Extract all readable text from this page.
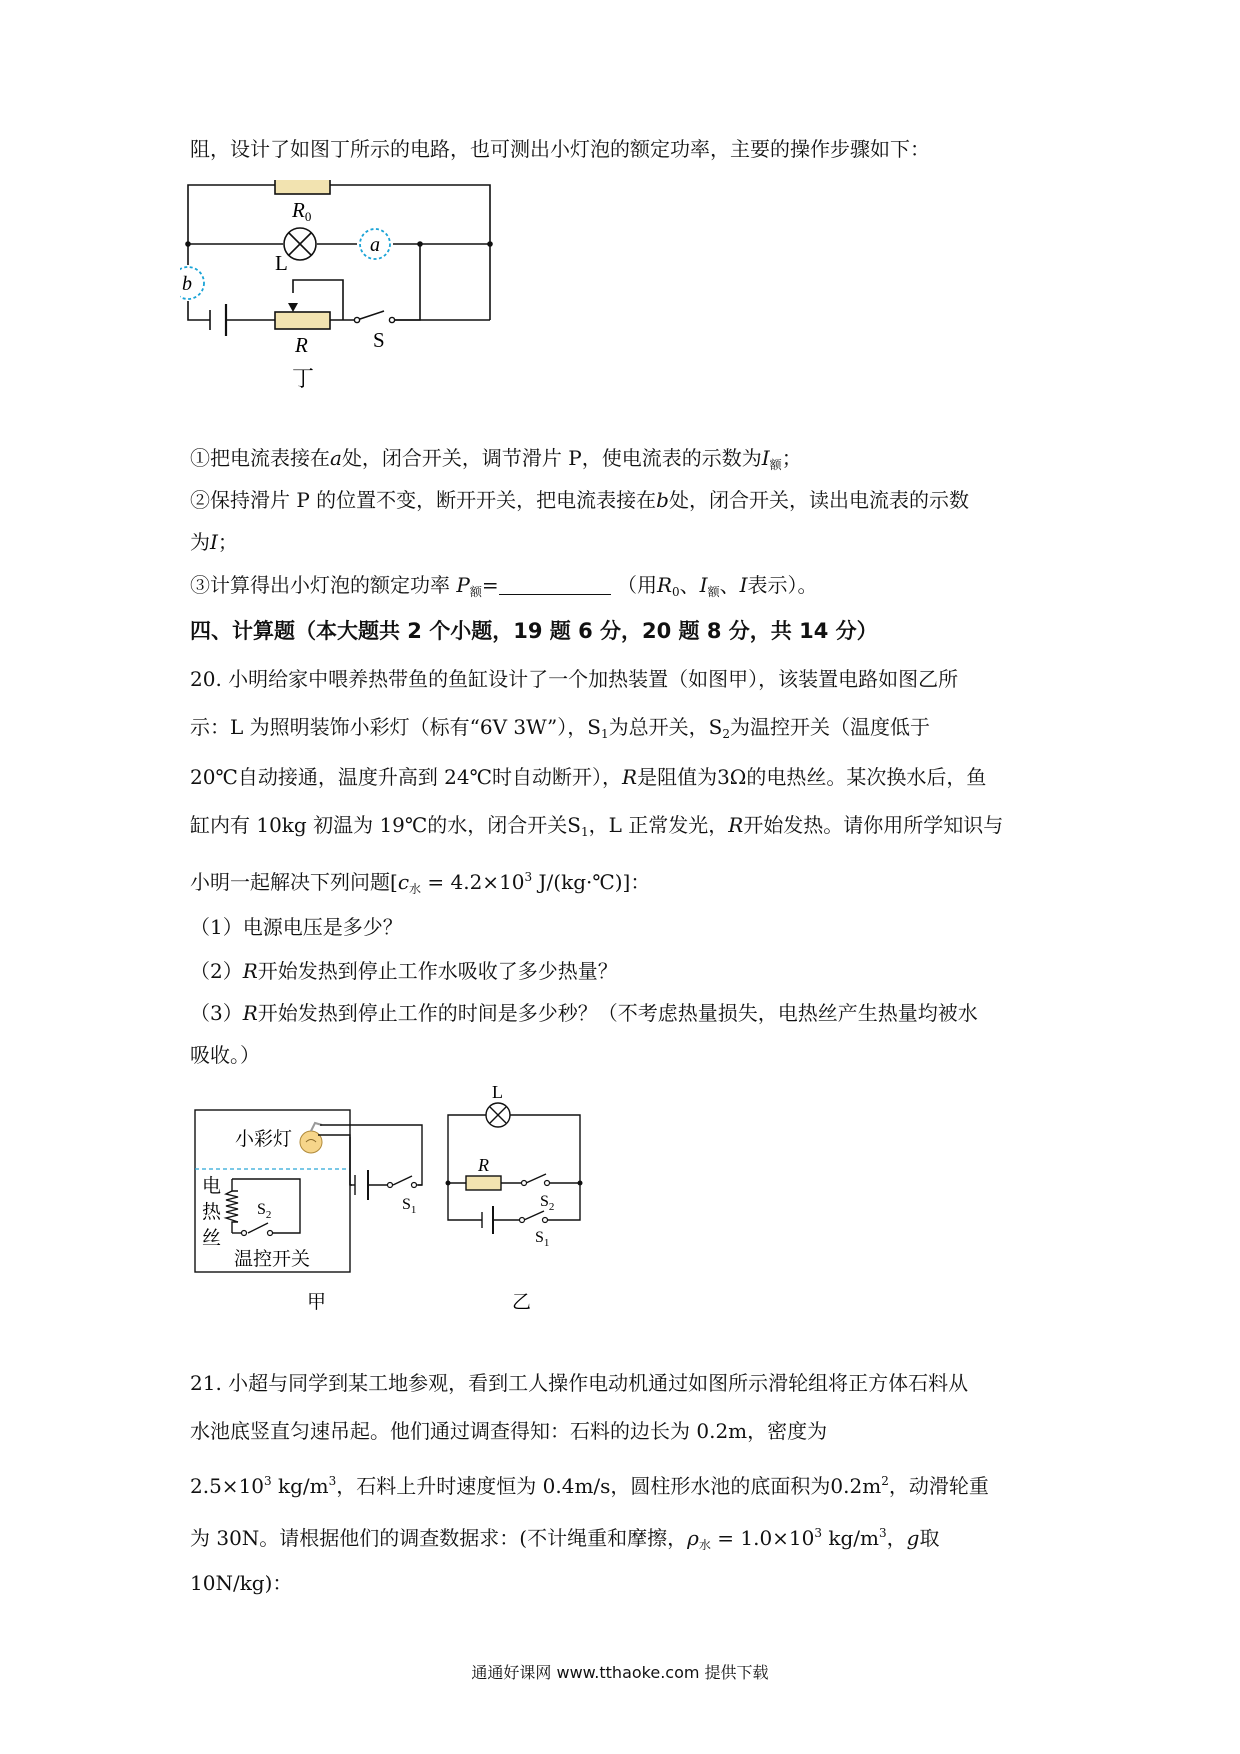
阻，设计了如图丁所示的电路，也可测出小灯泡的额定功率，主要的操作步骤如下：
R0
L
a
b
R	S
丁
①把电流表接在a处，闭合开关，调节滑片 P，使电流表的示数为$I_额$；
②保持滑片 P 的位置不变，断开开关，把电流表接在b处，闭合开关，读出电流表的示数
为I；
③计算得出小灯泡的额定功率 $P_额=$	（用$R_0$、$I_额$、I表示）。
四、计算题（本大题共 2 个小题，19 题 6 分，20 题 8 分，共 14 分）
20. 小明给家中喂养热带鱼的鱼缸设计了一个加热装置（如图甲），该装置电路如图乙所
示：L 为照明装饰小彩灯（标有“6V 3W”），$S_1$为总开关，$S_2$为温控开关（温度低于
20℃自动接通，温度升高到 24℃时自动断开），R是阻值为3Ω的电热丝。某次换水后，鱼
缸内有 10kg 初温为 19℃的水，闭合开关$S_1$，L 正常发光，R开始发热。请你用所学知识与
小明一起解决下列问题[$c_水 = 4.2\times 10^3$ J/(kg·℃)]：
（1）电源电压是多少？
（2）R开始发热到停止工作水吸收了多少热量？
（3）R开始发热到停止工作的时间是多少秒？（不考虑热量损失，电热丝产生热量均被水
吸收。）
小彩灯
电
热
丝
$S_2$
温控开关
$S_1$
甲
L
R
$S_2$
$S_1$
乙
21. 小超与同学到某工地参观，看到工人操作电动机通过如图所示滑轮组将正方体石料从
水池底竖直匀速吊起。他们通过调查得知：石料的边长为 0.2m，密度为
$2.5\times 10^3$ $kg/m^3$，石料上升时速度恒为 0.4m/s，圆柱形水池的底面积为$0.2m^2$，动滑轮重
为 30N。请根据他们的调查数据求：(不计绳重和摩擦，$\rho_水 = 1.0\times 10^3$ $kg/m^3$，g取
10N/kg)：
通通好课网 www.tthaoke.com 提供下载
